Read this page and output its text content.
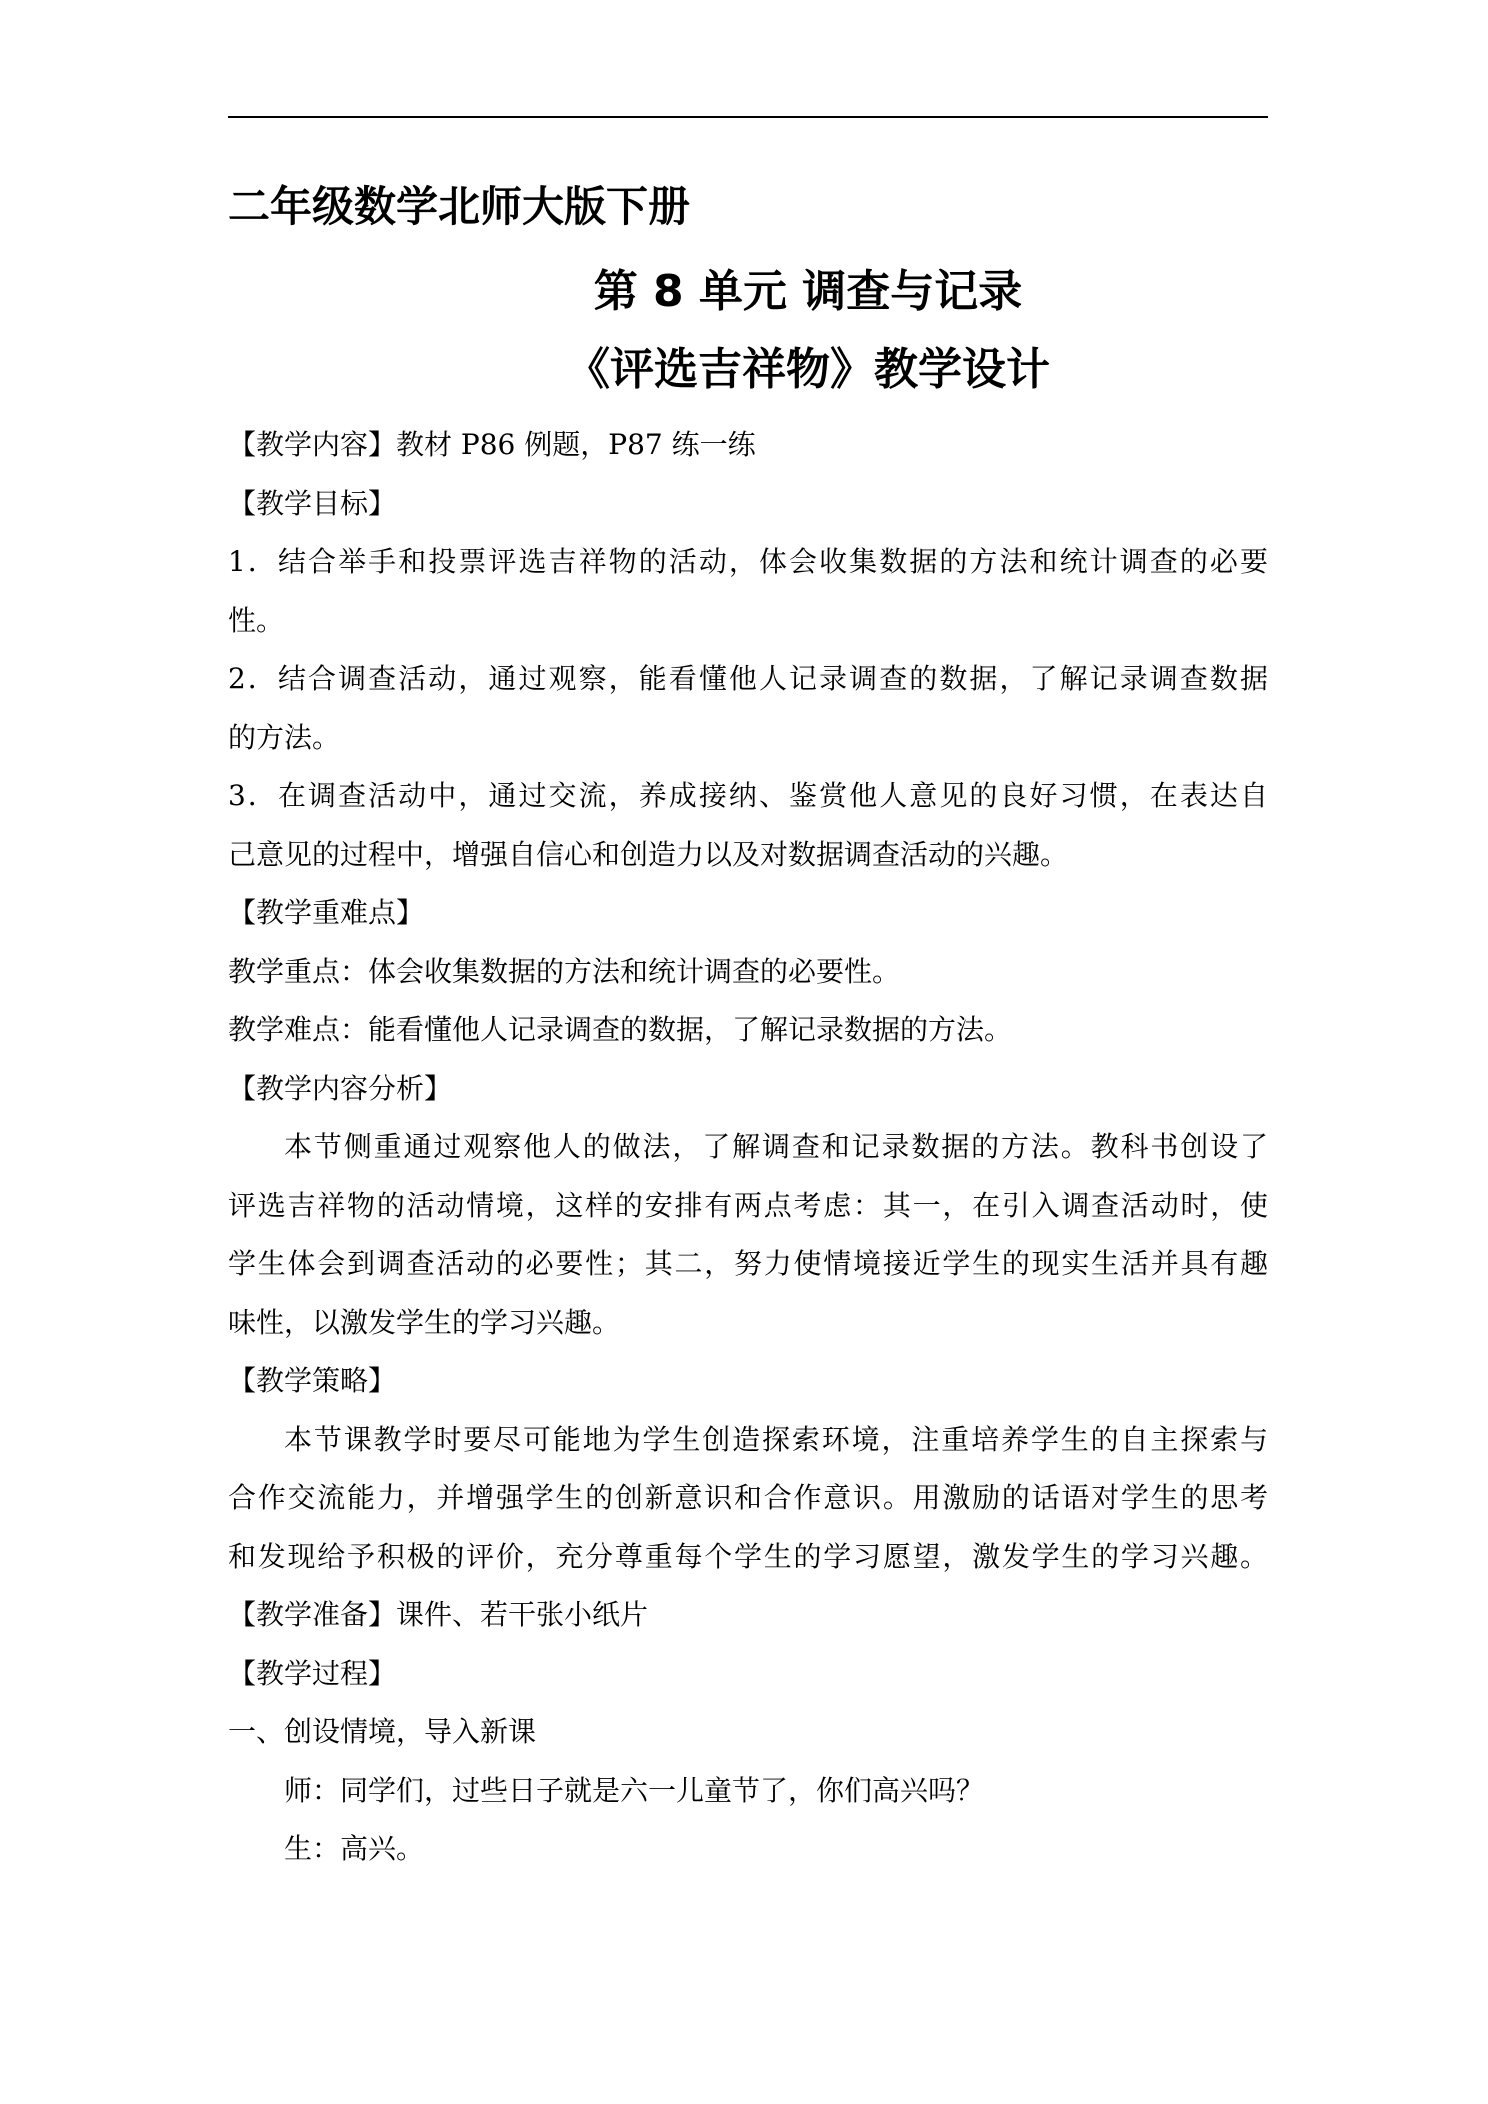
二年级数学北师大版下册

第 8 单元 调查与记录

《评选吉祥物》教学设计

【教学内容】教材 P86 例题，P87 练一练

【教学目标】

1．结合举手和投票评选吉祥物的活动，体会收集数据的方法和统计调查的必要

性。

2．结合调查活动，通过观察，能看懂他人记录调查的数据，了解记录调查数据

的方法。

3．在调查活动中，通过交流，养成接纳、鉴赏他人意见的良好习惯，在表达自

己意见的过程中，增强自信心和创造力以及对数据调查活动的兴趣。

【教学重难点】

教学重点：体会收集数据的方法和统计调查的必要性。

教学难点：能看懂他人记录调查的数据，了解记录数据的方法。

【教学内容分析】

本节侧重通过观察他人的做法，了解调查和记录数据的方法。教科书创设了

评选吉祥物的活动情境，这样的安排有两点考虑：其一，在引入调查活动时，使

学生体会到调查活动的必要性；其二，努力使情境接近学生的现实生活并具有趣

味性，以激发学生的学习兴趣。

【教学策略】

本节课教学时要尽可能地为学生创造探索环境，注重培养学生的自主探索与

合作交流能力，并增强学生的创新意识和合作意识。用激励的话语对学生的思考

和发现给予积极的评价，充分尊重每个学生的学习愿望，激发学生的学习兴趣。

【教学准备】课件、若干张小纸片

【教学过程】

一、创设情境，导入新课

师：同学们，过些日子就是六一儿童节了，你们高兴吗？

生：高兴。
